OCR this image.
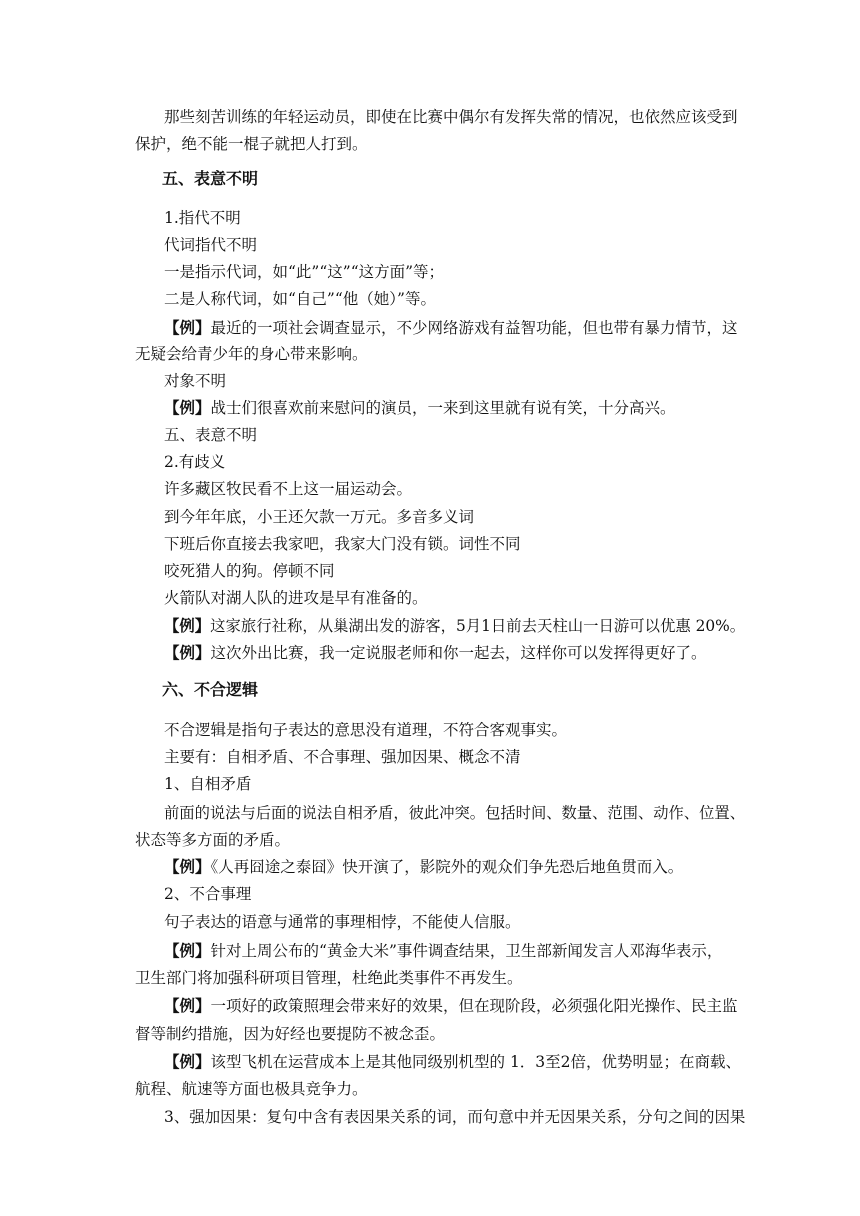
那些刻苦训练的年轻运动员，即使在比赛中偶尔有发挥失常的情况，也依然应该受到
保护，绝不能一棍子就把人打到。
五、表意不明
1.指代不明
代词指代不明
一是指示代词，如“此”“这”“这方面”等；
二是人称代词，如“自己”“他（她）”等。
【例】最近的一项社会调查显示，不少网络游戏有益智功能，但也带有暴力情节，这
无疑会给青少年的身心带来影响。
对象不明
【例】战士们很喜欢前来慰问的演员，一来到这里就有说有笑，十分高兴。
五、表意不明
2.有歧义
许多藏区牧民看不上这一届运动会。
到今年年底，小王还欠款一万元。多音多义词
下班后你直接去我家吧，我家大门没有锁。词性不同
咬死猎人的狗。停顿不同
火箭队对湖人队的进攻是早有准备的。
【例】这家旅行社称，从巢湖出发的游客，5月1日前去天柱山一日游可以优惠 20%。
【例】这次外出比赛，我一定说服老师和你一起去，这样你可以发挥得更好了。
六、不合逻辑
不合逻辑是指句子表达的意思没有道理，不符合客观事实。
主要有：自相矛盾、不合事理、强加因果、概念不清
1、自相矛盾
前面的说法与后面的说法自相矛盾，彼此冲突。包括时间、数量、范围、动作、位置、
状态等多方面的矛盾。
【例】《人再囧途之泰囧》快开演了，影院外的观众们争先恐后地鱼贯而入。
2、不合事理
句子表达的语意与通常的事理相悖，不能使人信服。
【例】针对上周公布的“黄金大米”事件调查结果，卫生部新闻发言人邓海华表示，
卫生部门将加强科研项目管理，杜绝此类事件不再发生。
【例】一项好的政策照理会带来好的效果，但在现阶段，必须强化阳光操作、民主监
督等制约措施，因为好经也要提防不被念歪。
【例】该型飞机在运营成本上是其他同级别机型的 1．3至2倍，优势明显；在商载、
航程、航速等方面也极具竞争力。
3、强加因果：复句中含有表因果关系的词，而句意中并无因果关系，分句之间的因果
